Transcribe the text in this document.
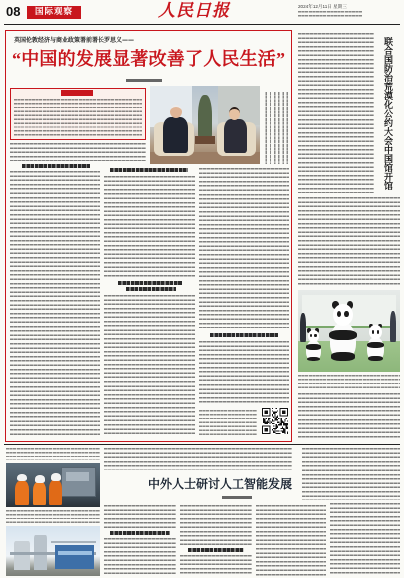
08	国际观察	人民日报	2024年12月11日 星期三
英国伦敦经济与商业政策署前署长罗思义——
“中国的发展显著改善了人民生活”	联合国防治荒漠化公约大会中国馆开馆
中外人士研讨人工智能发展
